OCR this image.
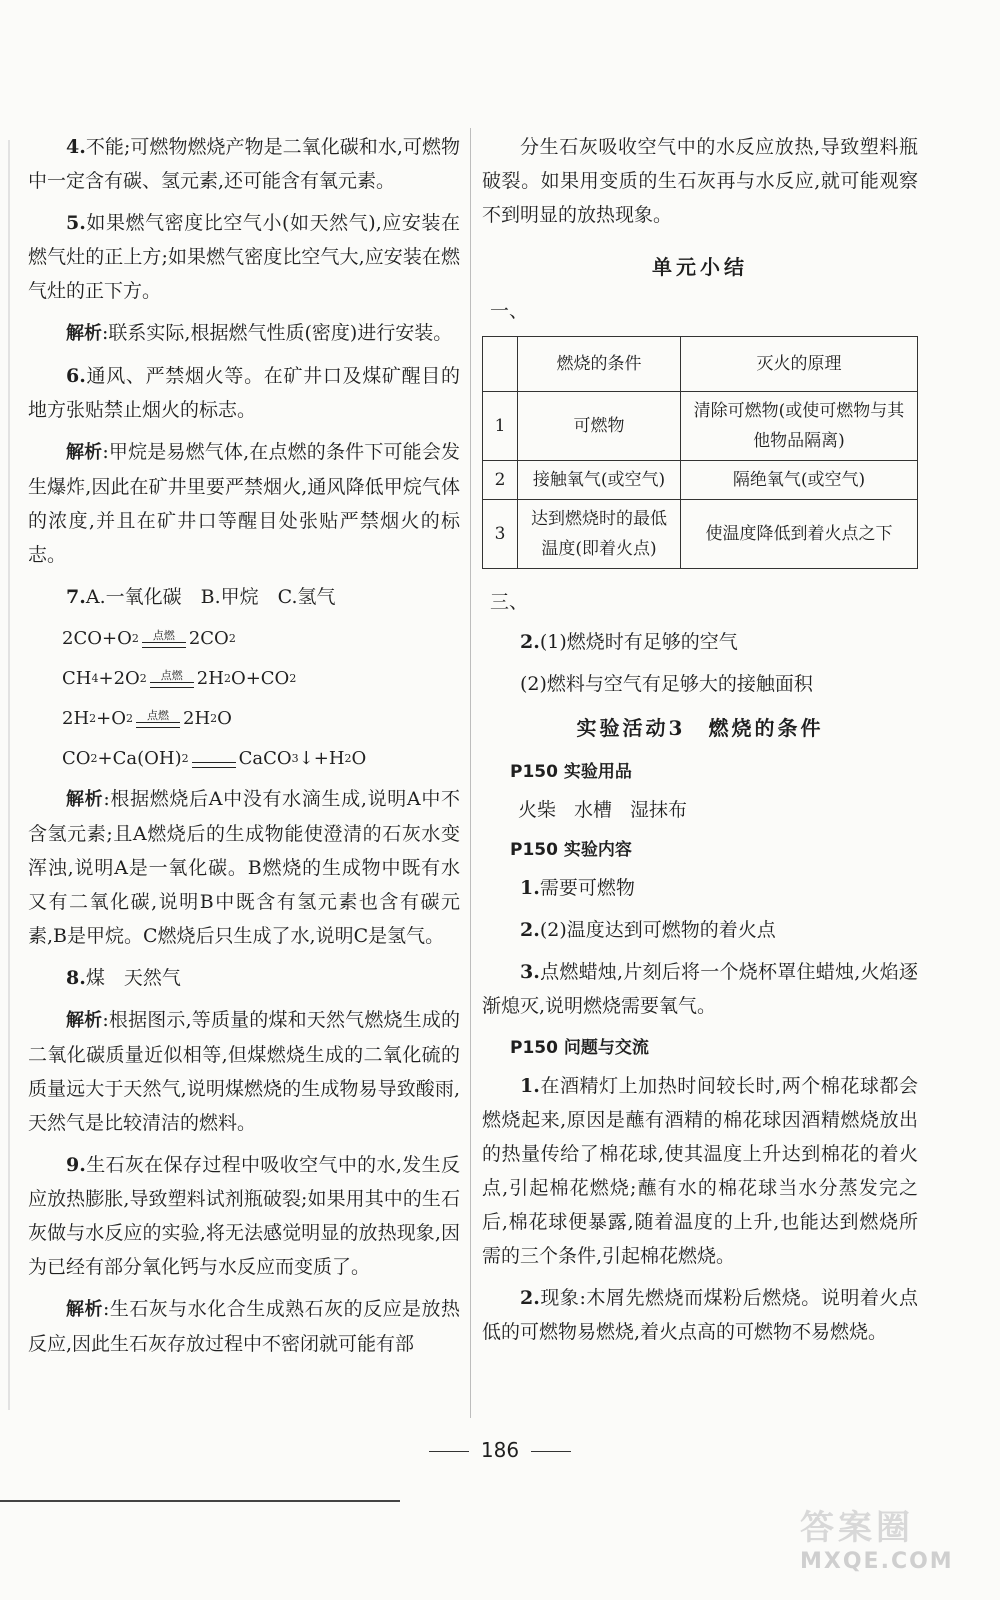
4.不能;可燃物燃烧产物是二氧化碳和水,可燃物中一定含有碳、氢元素,还可能含有氧元素。

5.如果燃气密度比空气小(如天然气),应安装在燃气灶的正上方;如果燃气密度比空气大,应安装在燃气灶的正下方。

解析:联系实际,根据燃气性质(密度)进行安装。

6.通风、严禁烟火等。在矿井口及煤矿醒目的地方张贴禁止烟火的标志。

解析:甲烷是易燃气体,在点燃的条件下可能会发生爆炸,因此在矿井里要严禁烟火,通风降低甲烷气体的浓度,并且在矿井口等醒目处张贴严禁烟火的标志。

7.A.一氧化碳　B.甲烷　C.氢气

2CO+O 2 点燃 2CO 2
CH 4 +2O 2 点燃 2H 2 O+CO 2
2H 2 +O 2 点燃 2H 2 O
CO 2 +Ca(OH) 2	CaCO 3 ↓+H 2 O

解析:根据燃烧后A中没有水滴生成,说明A中不含氢元素;且A燃烧后的生成物能使澄清的石灰水变浑浊,说明A是一氧化碳。B燃烧的生成物中既有水又有二氧化碳,说明B中既含有氢元素也含有碳元素,B是甲烷。C燃烧后只生成了水,说明C是氢气。

8.煤　天然气

解析:根据图示,等质量的煤和天然气燃烧生成的二氧化碳质量近似相等,但煤燃烧生成的二氧化硫的质量远大于天然气,说明煤燃烧的生成物易导致酸雨,天然气是比较清洁的燃料。

9.生石灰在保存过程中吸收空气中的水,发生反应放热膨胀,导致塑料试剂瓶破裂;如果用其中的生石灰做与水反应的实验,将无法感觉明显的放热现象,因为已经有部分氧化钙与水反应而变质了。

解析:生石灰与水化合生成熟石灰的反应是放热反应,因此生石灰存放过程中不密闭就可能有部

分生石灰吸收空气中的水反应放热,导致塑料瓶破裂。如果用变质的生石灰再与水反应,就可能观察不到明显的放热现象。

单元小结
一、
	燃烧的条件	灭火的原理
1	可燃物	清除可燃物(或使可燃物与其他物品隔离)
2	接触氧气(或空气)	隔绝氧气(或空气)
3	达到燃烧时的最低温度(即着火点)	使温度降低到着火点之下
三、

2.(1)燃烧时有足够的空气

(2)燃料与空气有足够大的接触面积

实验活动3　燃烧的条件
P150 实验用品
火柴 水槽 湿抹布
P150 实验内容

1.需要可燃物

2.(2)温度达到可燃物的着火点

3.点燃蜡烛,片刻后将一个烧杯罩住蜡烛,火焰逐渐熄灭,说明燃烧需要氧气。

P150 问题与交流

1.在酒精灯上加热时间较长时,两个棉花球都会燃烧起来,原因是蘸有酒精的棉花球因酒精燃烧放出的热量传给了棉花球,使其温度上升达到棉花的着火点,引起棉花燃烧;蘸有水的棉花球当水分蒸发完之后,棉花球便暴露,随着温度的上升,也能达到燃烧所需的三个条件,引起棉花燃烧。

2.现象:木屑先燃烧而煤粉后燃烧。说明着火点低的可燃物易燃烧,着火点高的可燃物不易燃烧。

186
答案圈
MXQE.COM
